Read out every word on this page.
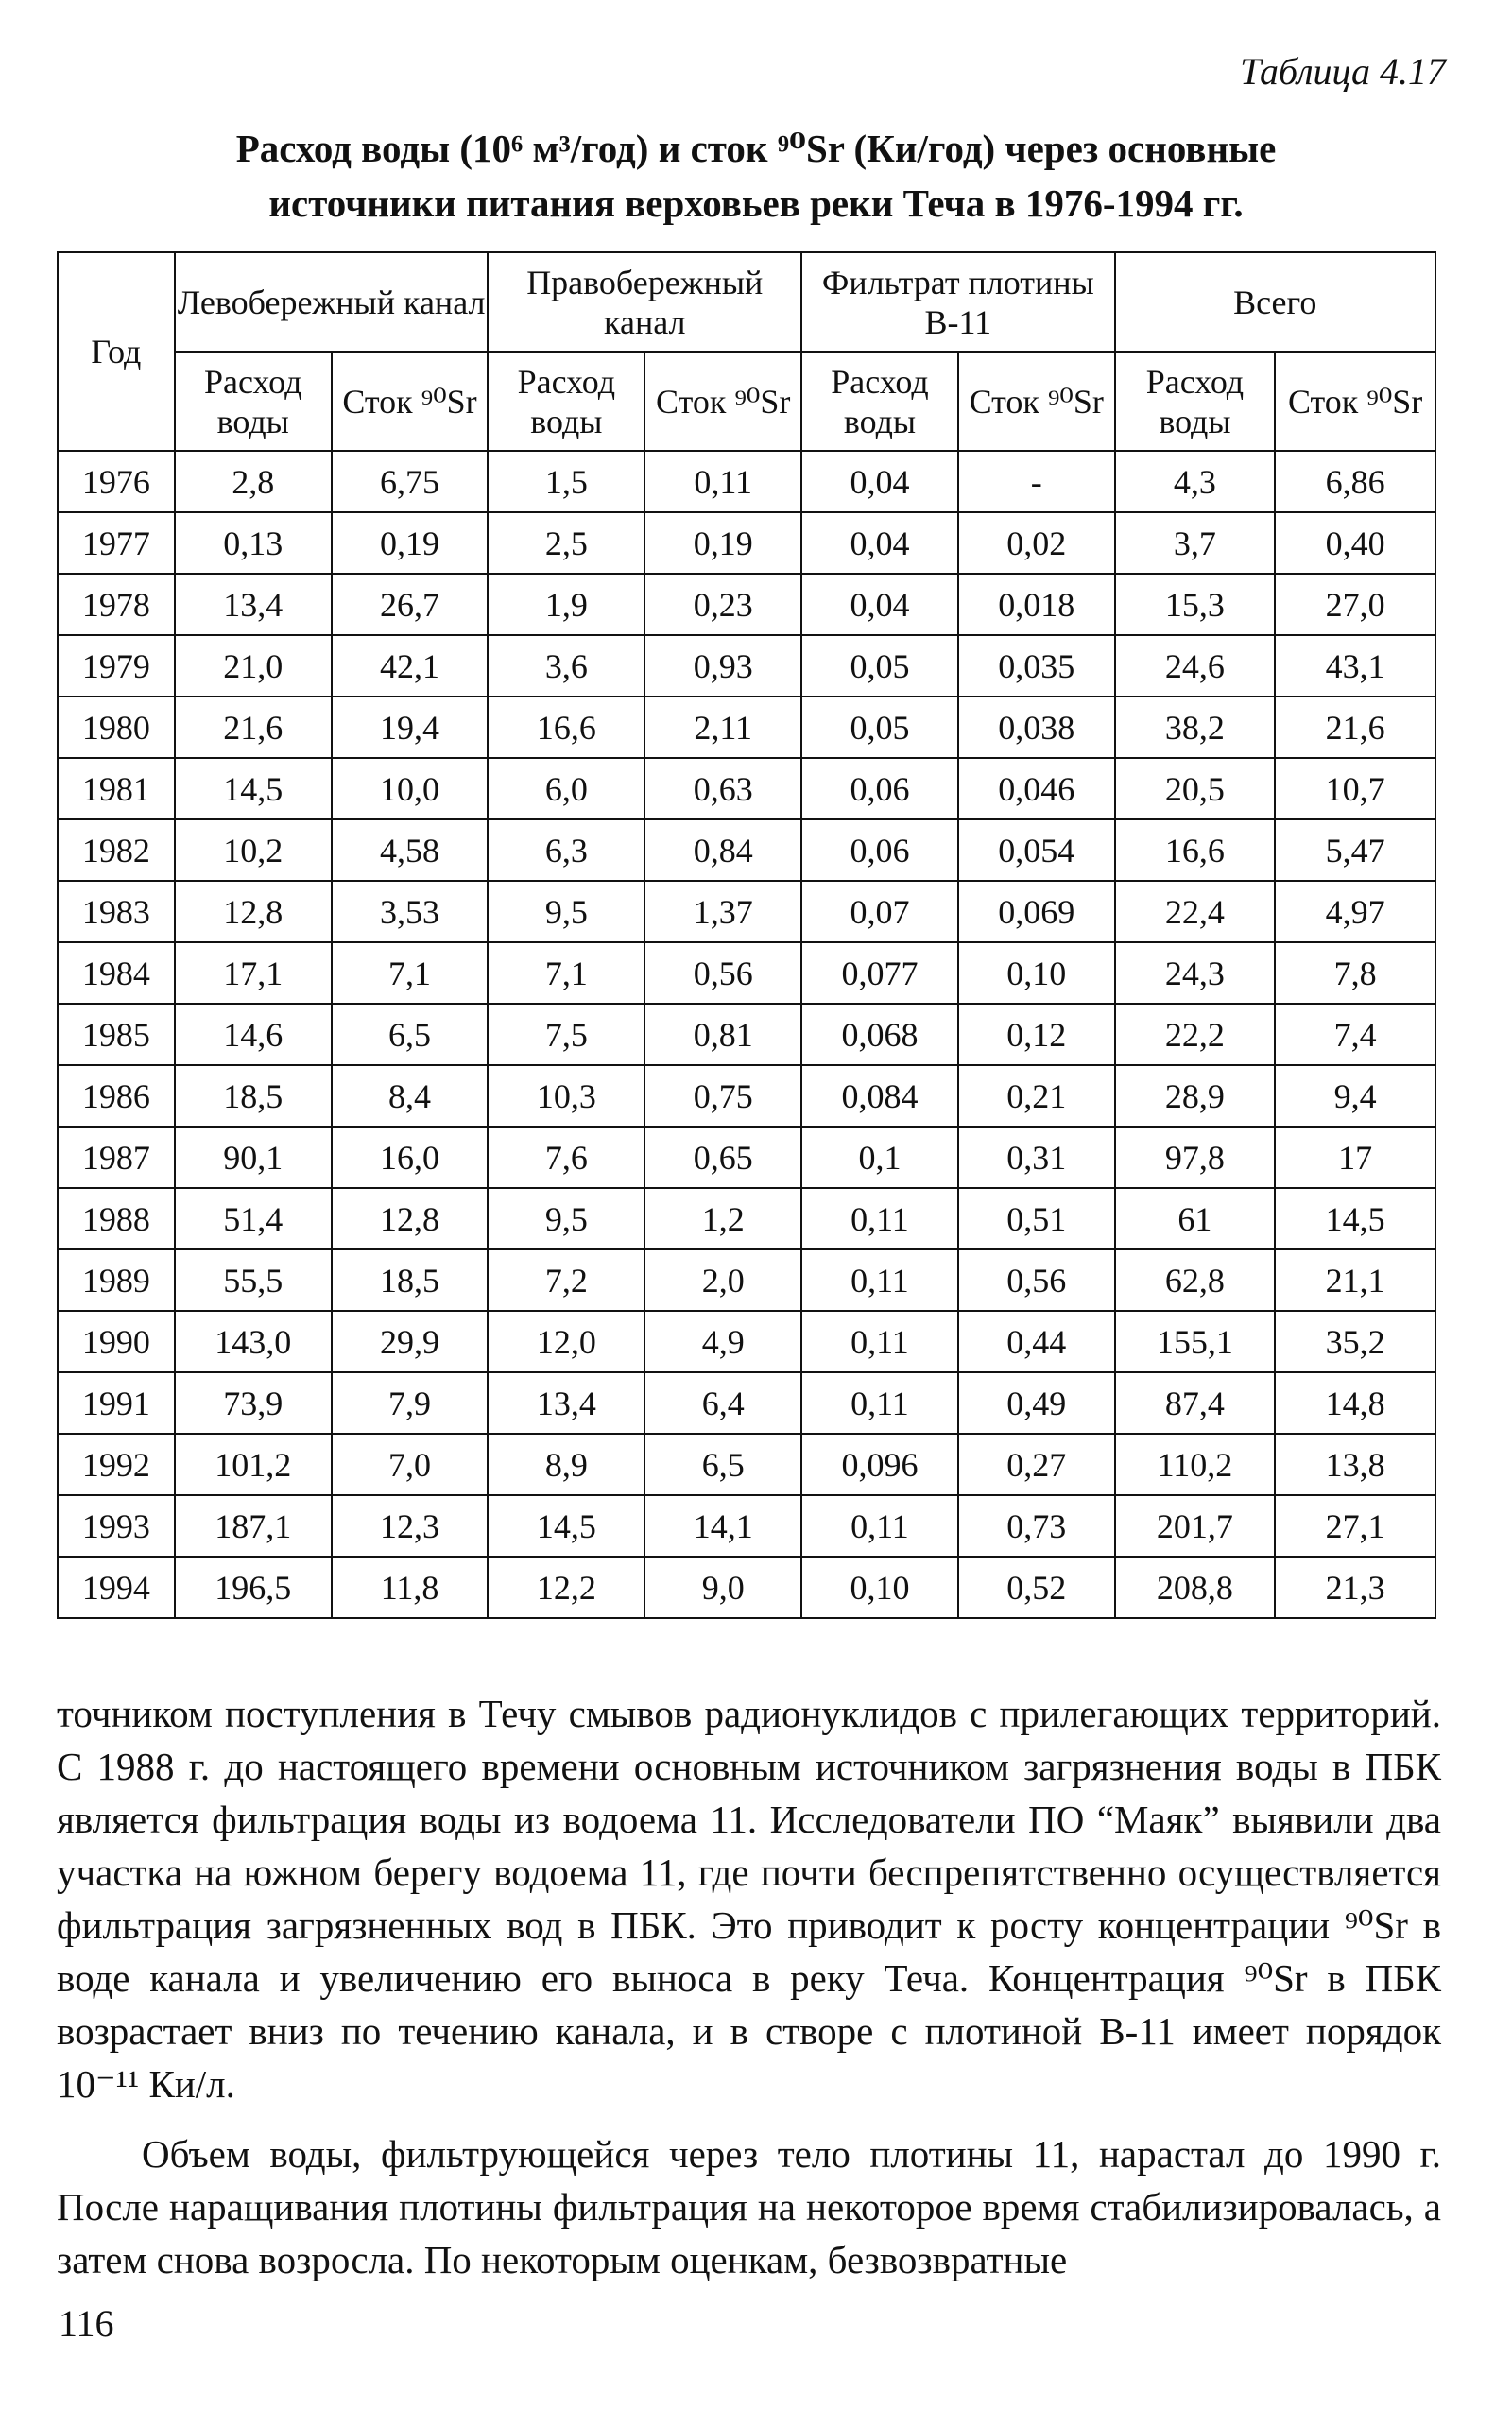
Таблица 4.17

Расход воды (10⁶ м³/год) и сток ⁹⁰Sr (Ки/год) через основные

источники питания верховьев реки Теча в 1976-1994 гг.

Год	Левобережный канал		Правобережный канал		Фильтрат плотины В-11		Всего	
	Расход воды	Сток ⁹⁰Sr	Расход воды	Сток ⁹⁰Sr	Расход воды	Сток ⁹⁰Sr	Расход воды	Сток ⁹⁰Sr
1976	2,8	6,75	1,5	0,11	0,04	-	4,3	6,86
1977	0,13	0,19	2,5	0,19	0,04	0,02	3,7	0,40
1978	13,4	26,7	1,9	0,23	0,04	0,018	15,3	27,0
1979	21,0	42,1	3,6	0,93	0,05	0,035	24,6	43,1
1980	21,6	19,4	16,6	2,11	0,05	0,038	38,2	21,6
1981	14,5	10,0	6,0	0,63	0,06	0,046	20,5	10,7
1982	10,2	4,58	6,3	0,84	0,06	0,054	16,6	5,47
1983	12,8	3,53	9,5	1,37	0,07	0,069	22,4	4,97
1984	17,1	7,1	7,1	0,56	0,077	0,10	24,3	7,8
1985	14,6	6,5	7,5	0,81	0,068	0,12	22,2	7,4
1986	18,5	8,4	10,3	0,75	0,084	0,21	28,9	9,4
1987	90,1	16,0	7,6	0,65	0,1	0,31	97,8	17
1988	51,4	12,8	9,5	1,2	0,11	0,51	61	14,5
1989	55,5	18,5	7,2	2,0	0,11	0,56	62,8	21,1
1990	143,0	29,9	12,0	4,9	0,11	0,44	155,1	35,2
1991	73,9	7,9	13,4	6,4	0,11	0,49	87,4	14,8
1992	101,2	7,0	8,9	6,5	0,096	0,27	110,2	13,8
1993	187,1	12,3	14,5	14,1	0,11	0,73	201,7	27,1
1994	196,5	11,8	12,2	9,0	0,10	0,52	208,8	21,3

точником поступления в Течу смывов радионуклидов с прилегающих территорий. С 1988 г. до настоящего времени основным источником загрязнения воды в ПБК является фильтрация воды из водоема 11. Исследователи ПО “Маяк” выявили два участка на южном берегу водоема 11, где почти беспрепятственно осуществляется фильтрация загрязненных вод в ПБК. Это приводит к росту концентрации ⁹⁰Sr в воде канала и увеличению его выноса в реку Теча. Концентрация ⁹⁰Sr в ПБК возрастает вниз по течению канала, и в створе с плотиной В-11 имеет порядок 10⁻¹¹ Ки/л.

Объем воды, фильтрующейся через тело плотины 11, нарастал до 1990 г. После наращивания плотины фильтрация на некоторое время стабилизировалась, а затем снова возросла. По некоторым оценкам, безвозвратные

116
